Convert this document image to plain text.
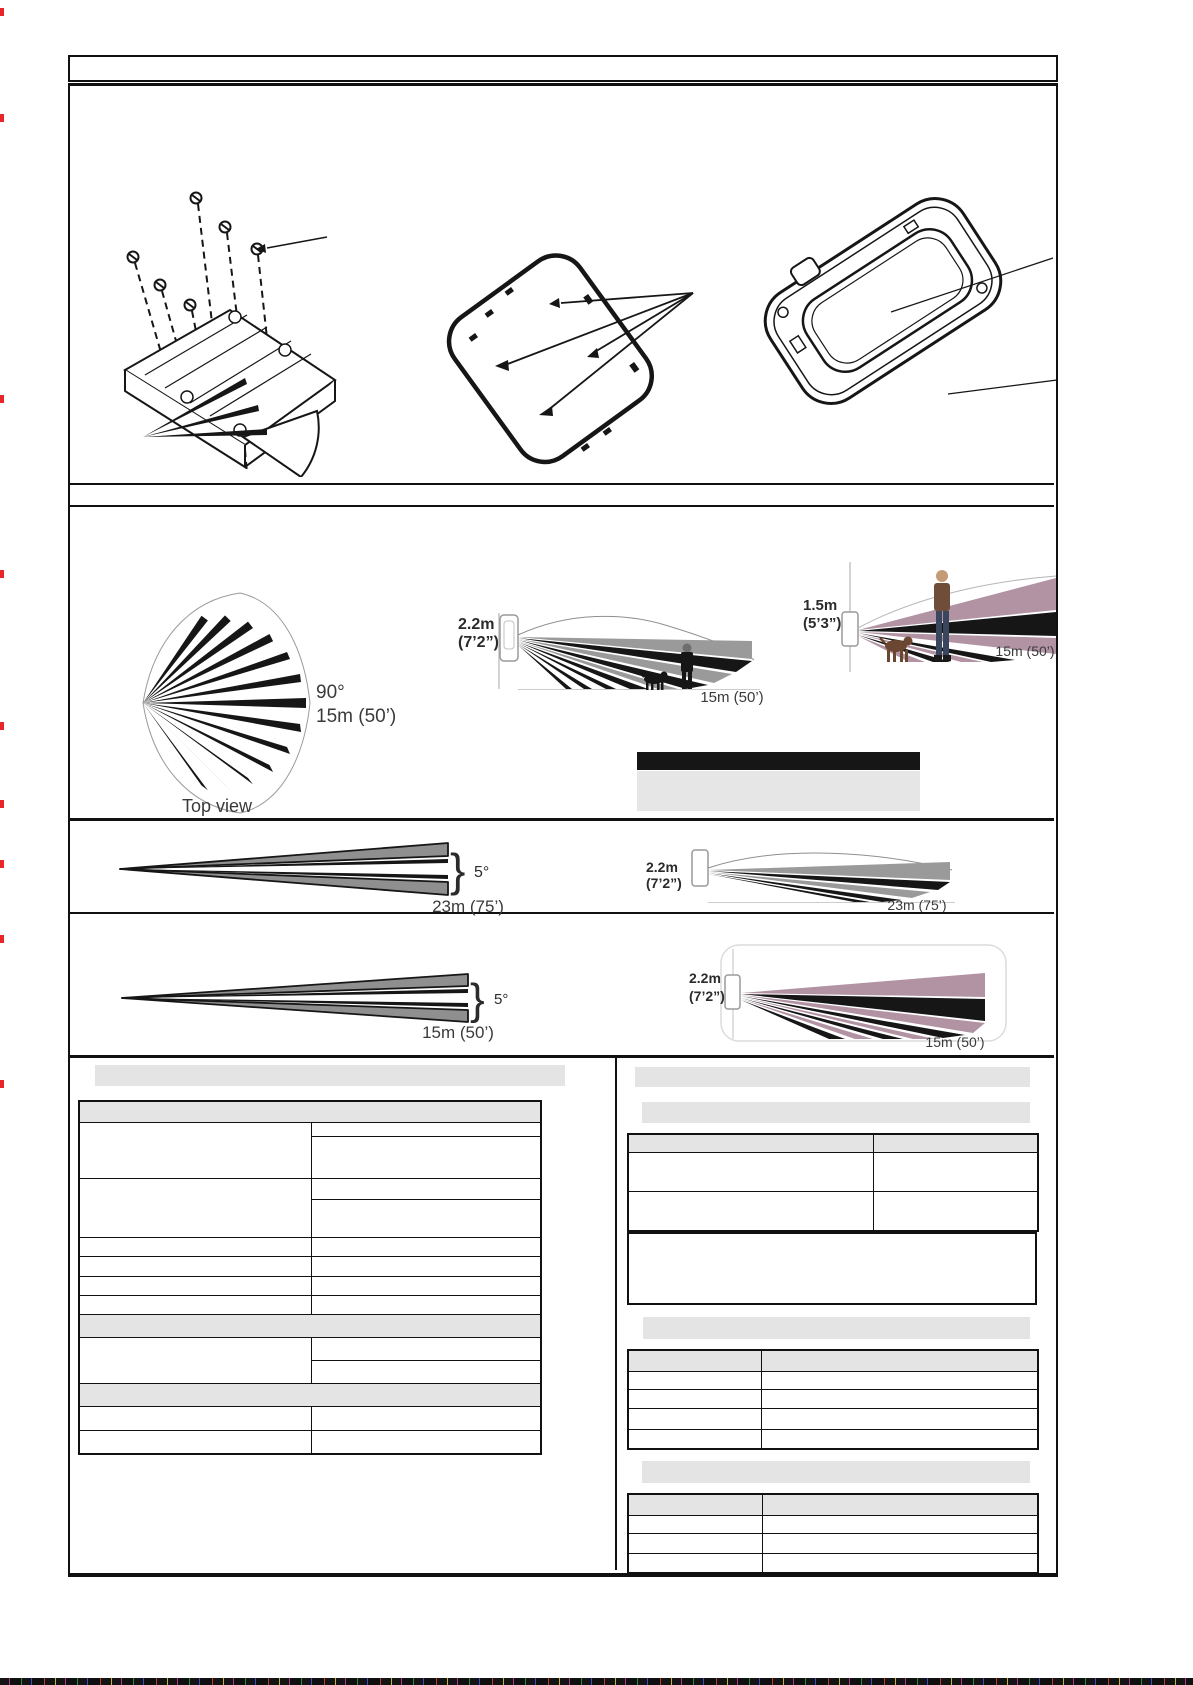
90°
15m (50’)
Top view
2.2m
(7’2”)
15m (50’)
1.5m
(5’3”)
15m (50’)
} 5°
23m (75’)
2.2m
(7’2”)
23m (75’)
} 5°
15m (50’)
2.2m
(7’2”)
15m (50’)
